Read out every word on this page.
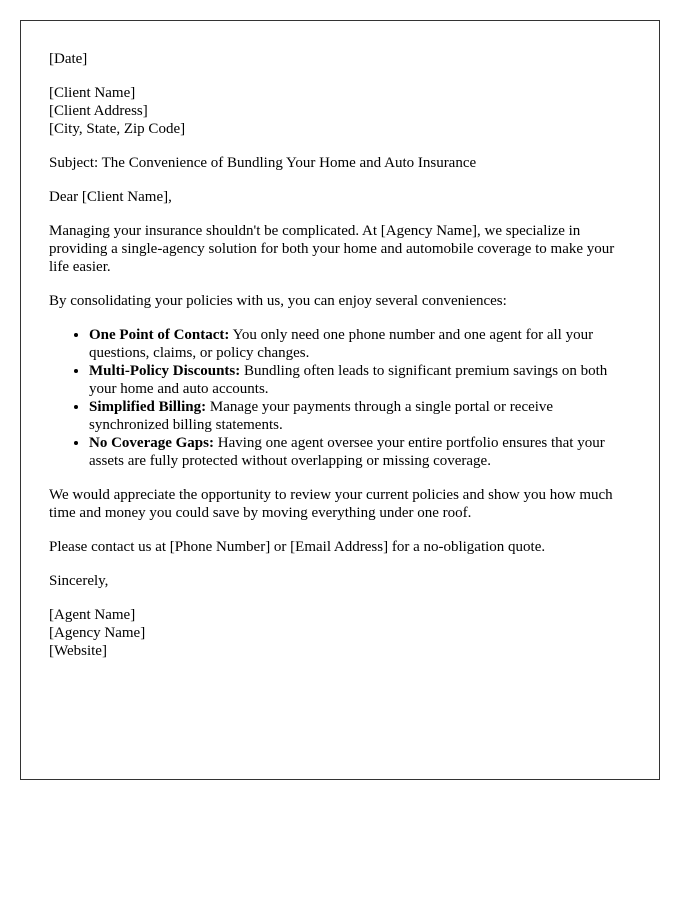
[Date]
[Client Name]
[Client Address]
[City, State, Zip Code]

Subject: The Convenience of Bundling Your Home and Auto Insurance

Dear [Client Name],

Managing your insurance shouldn't be complicated. At [Agency Name], we specialize in providing a single-agency solution for both your home and automobile coverage to make your life easier.

By consolidating your policies with us, you can enjoy several conveniences:

• One Point of Contact: You only need one phone number and one agent for all your questions, claims, or policy changes.
• Multi-Policy Discounts: Bundling often leads to significant premium savings on both your home and auto accounts.
• Simplified Billing: Manage your payments through a single portal or receive synchronized billing statements.
• No Coverage Gaps: Having one agent oversee your entire portfolio ensures that your assets are fully protected without overlapping or missing coverage.

We would appreciate the opportunity to review your current policies and show you how much time and money you could save by moving everything under one roof.

Please contact us at [Phone Number] or [Email Address] for a no-obligation quote.

Sincerely,

[Agent Name]
[Agency Name]
[Website]
